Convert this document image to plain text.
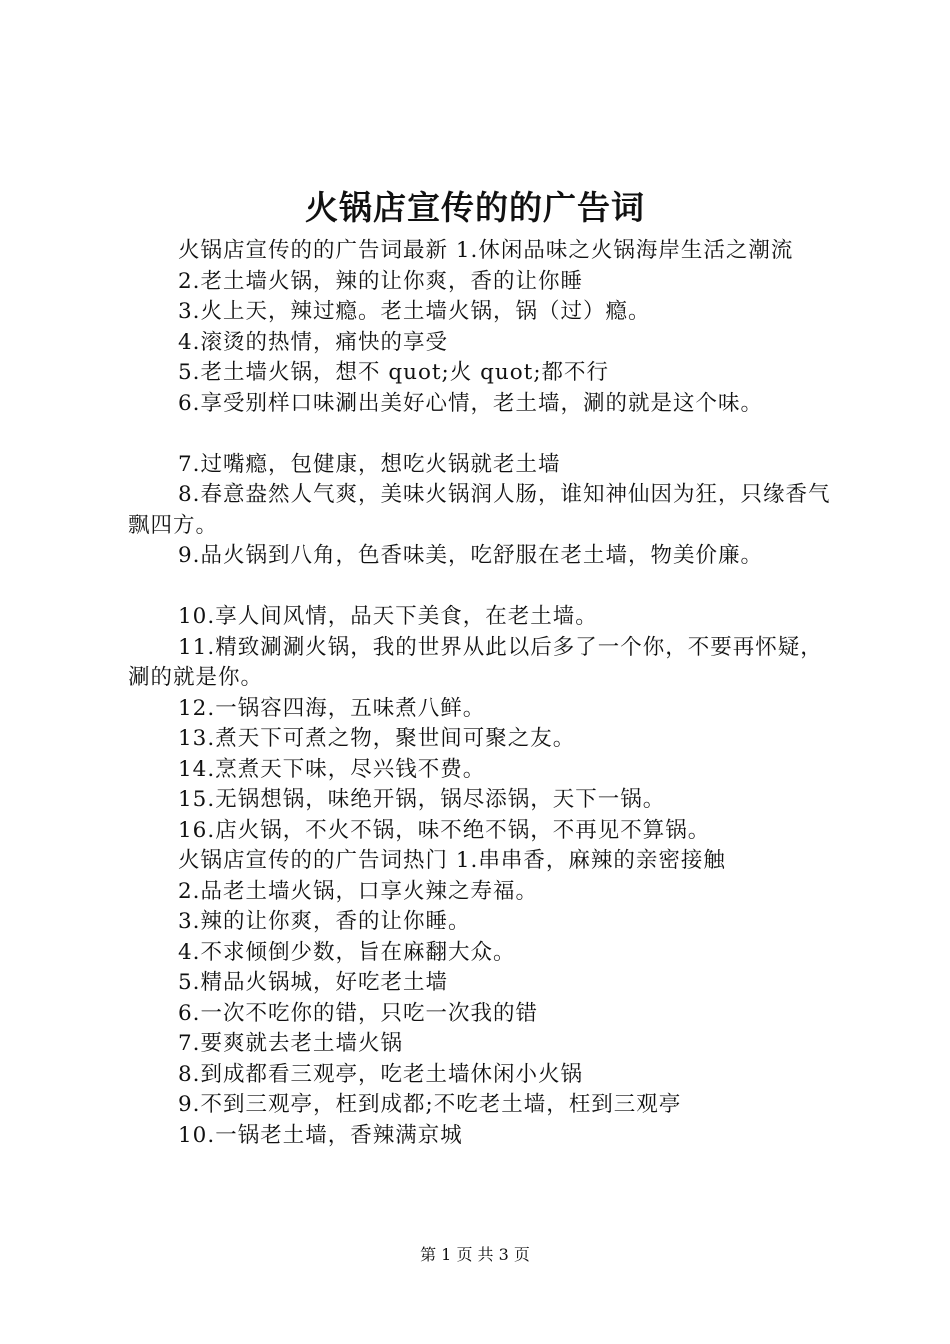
火锅店宣传的的广告词

火锅店宣传的的广告词最新 1.休闲品味之火锅海岸生活之潮流

2.老土墙火锅，辣的让你爽，香的让你睡

3.火上天，辣过瘾。老土墙火锅，锅（过）瘾。

4.滚烫的热情，痛快的享受

5.老土墙火锅，想不 quot;火 quot;都不行

6.享受别样口味涮出美好心情，老土墙，涮的就是这个味。

7.过嘴瘾，包健康，想吃火锅就老土墙

8.春意盎然人气爽，美味火锅润人肠，谁知神仙因为狂，只缘香气飘四方。

9.品火锅到八角，色香味美，吃舒服在老土墙，物美价廉。

10.享人间风情，品天下美食，在老土墙。

11.精致涮涮火锅，我的世界从此以后多了一个你，不要再怀疑，涮的就是你。

12.一锅容四海，五味煮八鲜。

13.煮天下可煮之物，聚世间可聚之友。

14.烹煮天下味，尽兴钱不费。

15.无锅想锅，味绝开锅，锅尽添锅，天下一锅。

16.店火锅，不火不锅，味不绝不锅，不再见不算锅。

火锅店宣传的的广告词热门 1.串串香，麻辣的亲密接触

2.品老土墙火锅，口享火辣之寿福。

3.辣的让你爽，香的让你睡。

4.不求倾倒少数，旨在麻翻大众。

5.精品火锅城，好吃老土墙

6.一次不吃你的错，只吃一次我的错

7.要爽就去老土墙火锅

8.到成都看三观亭，吃老土墙休闲小火锅

9.不到三观亭，枉到成都;不吃老土墙，枉到三观亭

10.一锅老土墙，香辣满京城

第 1 页 共 3 页
